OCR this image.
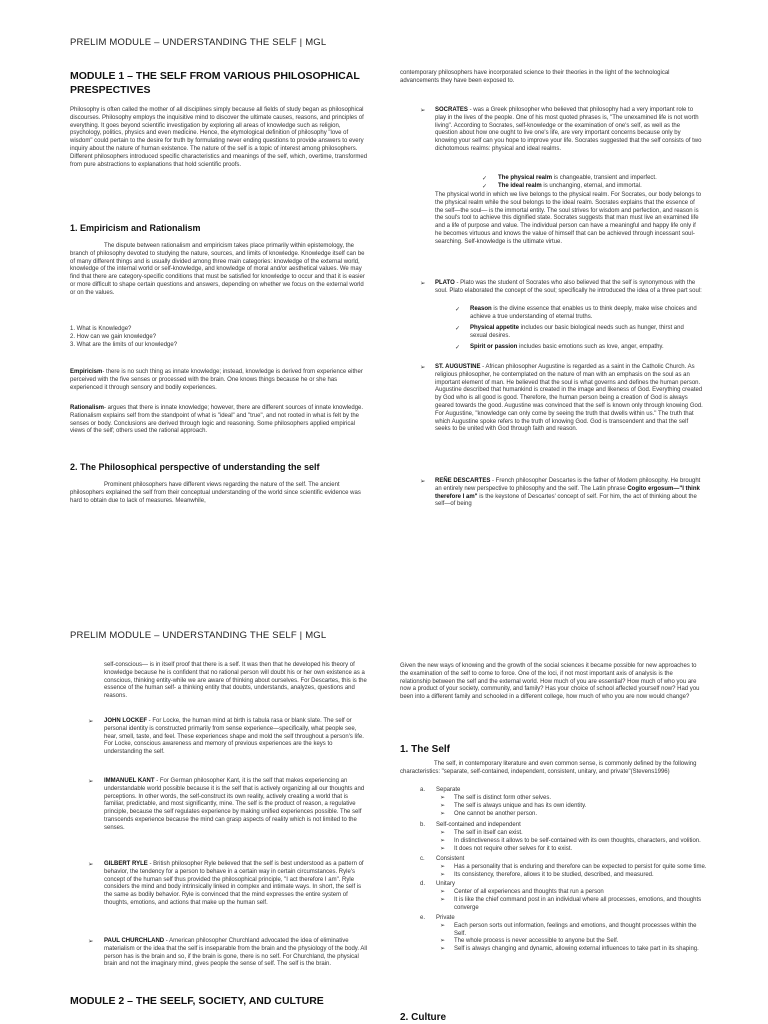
PRELIM MODULE – UNDERSTANDING THE SELF | MGL
MODULE 1 – THE SELF FROM VARIOUS PHILOSOPHICAL PRESPECTIVES

Philosophy is often called the mother of all disciplines simply because all fields of study began as philosophical discourses. Philosophy employs the inquisitive mind to discover the ultimate causes, reasons, and principles of everything. It goes beyond scientific investigation by exploring all areas of knowledge such as religion, psychology, politics, physics and even medicine. Hence, the etymological definition of philosophy "love of wisdom" could pertain to the desire for truth by formulating never ending questions to provide answers to every inquiry about the nature of human existence. The nature of the self is a topic of interest among philosophers. Different philosophers introduced specific characteristics and meanings of the self, which, overtime, transformed from pure abstractions to explanations that hold scientific proofs.

1. Empiricism and Rationalism

The dispute between rationalism and empiricism takes place primarily within epistemology, the branch of philosophy devoted to studying the nature, sources, and limits of knowledge. Knowledge itself can be of many different things and is usually divided among three main categories: knowledge of the external world, knowledge of the internal world or self-knowledge, and knowledge of moral and/or aesthetical values. We may find that there are category-specific conditions that must be satisfied for knowledge to occur and that it is easier or more difficult to shape certain questions and answers, depending on whether we focus on the external world or on the values.

1. What is Knowledge?
2. How can we gain knowledge?
3. What are the limits of our knowledge?

Empiricism- there is no such thing as innate knowledge; instead, knowledge is derived from experience either perceived with the five senses or processed with the brain. One knows things because he or she has experienced it through sensory and bodily experiences.

Rationalism- argues that there is innate knowledge; however, there are different sources of innate knowledge. Rationalism explains self from the standpoint of what is "ideal" and "true", and not rooted in what is felt by the senses or body. Conclusions are derived through logic and reasoning. Some philosophers applied empirical views of the self; others used the rational approach.

2. The Philosophical perspective of understanding the self

Prominent philosophers have different views regarding the nature of the self. The ancient philosophers explained the self from their conceptual understanding of the world since scientific evidence was hard to obtain due to lack of measures. Meanwhile,

contemporary philosophers have incorporated science to their theories in the light of the technological advancements they have been exposed to.

➢ SOCRATES - was a Greek philosopher who believed that philosophy had a very important role to play in the lives of the people. One of his most quoted phrases is, "The unexamined life is not worth living". According to Socrates, self-knowledge or the examination of one's self, as well as the question about how one ought to live one's life, are very important concerns because only by knowing your self can you hope to improve your life. Socrates suggested that the self consists of two dichotomous realms: physical and ideal realms.

✓ The physical realm is changeable, transient and imperfect.

✓ The ideal realm is unchanging, eternal, and immortal.

The physical world in which we live belongs to the physical realm. For Socrates, our body belongs to the physical realm while the soul belongs to the ideal realm. Socrates explains that the essence of the self—the soul— is the immortal entity. The soul strives for wisdom and perfection, and reason is the soul's tool to achieve this dignified state. Socrates suggests that man must live an examined life and a life of purpose and value. The individual person can have a meaningful and happy life only if he becomes virtuous and knows the value of himself that can be achieved through incessant soul-searching. Self-knowledge is the ultimate virtue.

➢ PLATO - Plato was the student of Socrates who also believed that the self is synonymous with the soul. Plato elaborated the concept of the soul; specifically he introduced the idea of a three part soul:

✓ Reason is the divine essence that enables us to think deeply, make wise choices and achieve a true understanding of eternal truths.

✓ Physical appetite includes our basic biological needs such as hunger, thirst and sexual desires.

✓ Spirit or passion includes basic emotions such as love, anger, empathy.

➢ ST. AUGUSTINE - African philosopher Augustine is regarded as a saint in the Catholic Church. As religious philosopher, he contemplated on the nature of man with an emphasis on the soul as an important element of man. He believed that the soul is what governs and defines the human person. Augustine described that humankind is created in the image and likeness of God. Everything created by God who is all good is good. Therefore, the human person being a creation of God is always geared towards the good. Augustine was convinced that the self is known only through knowing God. For Augustine, "knowledge can only come by seeing the truth that dwells within us." The truth that which Augustine spoke refers to the truth of knowing God. God is transcendent and that the self seeks to be united with God through faith and reason.

➢ REÑE DESCARTES - French philosopher Descartes is the father of Modern philosophy. He brought an entirely new perspective to philosophy and the self. The Latin phrase Cogito ergosum—"I think therefore I am" is the keystone of Descartes' concept of self. For him, the act of thinking about the self—of being

PRELIM MODULE – UNDERSTANDING THE SELF | MGL

self-conscious— is in itself proof that there is a self. It was then that he developed his theory of knowledge because he is confident that no rational person will doubt his or her own existence as a conscious, thinking entity-while we are aware of thinking about ourselves. For Descartes, this is the essence of the human self- a thinking entity that doubts, understands, analyzes, questions and reasons.

➢ JOHN LOCKEF - For Locke, the human mind at birth is tabula rasa or blank slate. The self or personal identity is constructed primarily from sense experience—specifically, what people see, hear, smell, taste, and feel. These experiences shape and mold the self throughout a person's life. For Locke, conscious awareness and memory of previous experiences are the keys to understanding the self.

➢ IMMANUEL KANT - For German philosopher Kant, it is the self that makes experiencing an understandable world possible because it is the self that is actively organizing all our thoughts and perceptions. In other words, the self-construct its own reality, actively creating a world that is familiar, predictable, and most significantly, mine. The self is the product of reason, a regulative principle, because the self regulates experience by making unified experiences possible. The self transcends experience because the mind can grasp aspects of reality which is not limited to the senses.

➢ GILBERT RYLE - British philosopher Ryle believed that the self is best understood as a pattern of behavior, the tendency for a person to behave in a certain way in certain circumstances. Ryle's concept of the human self thus provided the philosophical principle, "I act therefore I am". Ryle considers the mind and body intrinsically linked in complex and intimate ways. In short, the self is the same as bodily behavior. Ryle is convinced that the mind expresses the entire system of thoughts, emotions, and actions that make up the human self.

➢ PAUL CHURCHLAND - American philosopher Churchland advocated the idea of eliminative materialism or the idea that the self is inseparable from the brain and the physiology of the body. All person has is the brain and so, if the brain is gone, there is no self. For Churchland, the physical brain and not the imaginary mind, gives people the sense of self. The self is the brain.

MODULE 2 – THE SEELF, SOCIETY, AND CULTURE

Given the new ways of knowing and the growth of the social sciences it became possible for new approaches to the examination of the self to come to force. One of the loci, if not most important axis of analysis is the relationship between the self and the external world. How much of you are essential? How much of who you are now a product of your society, community, and family? Has your choice of school affected yourself now? Had you been into a different family and schooled in a different college, how much of who you are now would change?

1. The Self

The self, in contemporary literature and even common sense, is commonly defined by the following characteristics: "separate, self-contained, independent, consistent, unitary, and private"(Stevens1996)

a. Separate
➢ The self is distinct form other selves.
➢ The self is always unique and has its own identity.
➢ One cannot be another person.
b. Self-contained and independent
➢ The self in itself can exist.
➢ In distinctiveness it allows to be self-contained with its own thoughts, characters, and volition.
➢ It does not require other selves for it to exist.
c. Consistent
➢ Has a personality that is enduring and therefore can be expected to persist for quite some time.
➢ Its consistency, therefore, allows it to be studied, described, and measured.
d. Unitary
➢ Center of all experiences and thoughts that run a person
➢ It is like the chief command post in an individual where all processes, emotions, and thoughts converge
e. Private
➢ Each person sorts out information, feelings and emotions, and thought processes within the Self.
➢ The whole process is never accessible to anyone but the Self.
➢ Self is always changing and dynamic, allowing external influences to take part in its shaping.
2. Culture
